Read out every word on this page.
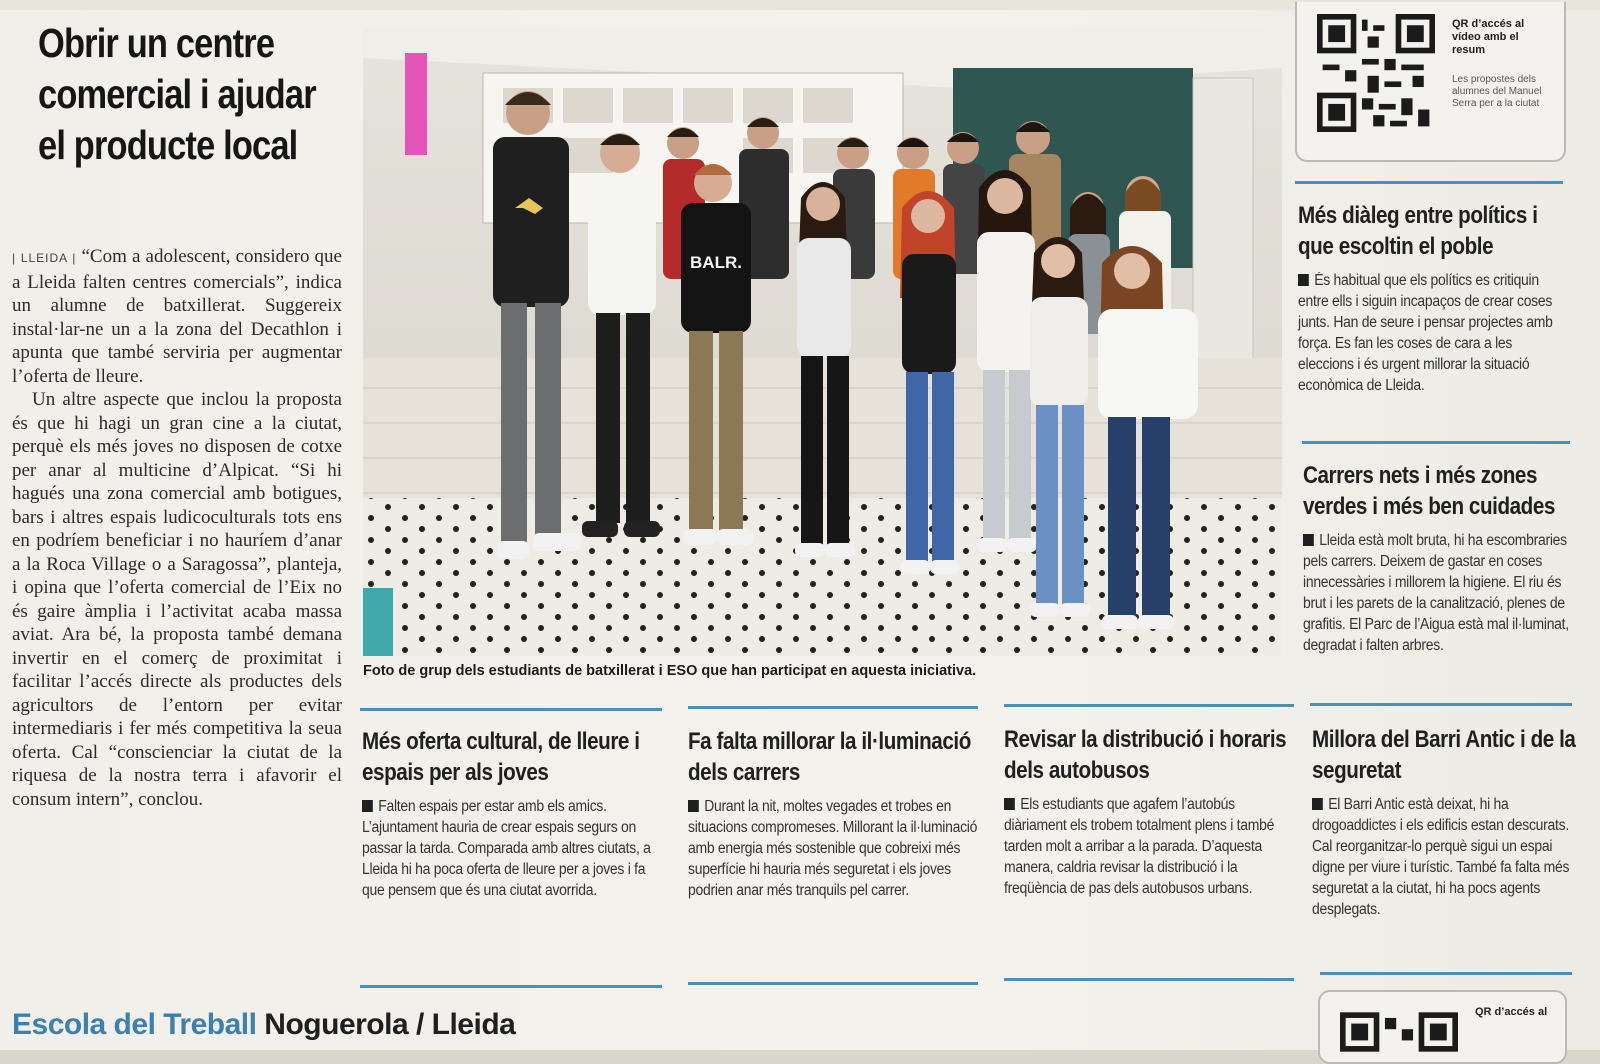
Obrir un centre comercial i ajudar el producte local

| LLEIDA | “Com a adolescent, considero que a Lleida falten centres comercials”, indica un alumne de batxillerat. Suggereix instal·lar-ne un a la zona del Decathlon i apunta que també serviria per augmentar l’oferta de lleure.

Un altre aspecte que inclou la proposta és que hi hagi un gran cine a la ciutat, perquè els més joves no disposen de cotxe per anar al multicine d’Alpicat. “Si hi hagués una zona comercial amb botigues, bars i altres espais ludicoculturals tots ens en podríem beneficiar i no hauríem d’anar a la Roca Village o a Saragossa”, planteja, i opina que l’oferta comercial de l’Eix no és gaire àmplia i l’activitat acaba massa aviat. Ara bé, la proposta també demana invertir en el comerç de proximitat i facilitar l’accés directe als productes dels agricultors de l’entorn per evitar intermediaris i fer més competitiva la seua oferta. Cal “conscienciar la ciutat de la riquesa de la nostra terra i afavorir el consum intern”, conclou.

BALR.
Foto de grup dels estudiants de batxillerat i ESO que han participat en aquesta iniciativa.
QR d’accés al vídeo amb el resum
Les propostes dels alumnes del Manuel Serra per a la ciutat
Més diàleg entre polítics i que escoltin el poble
És habitual que els polítics es critiquin entre ells i siguin incapaços de crear coses junts. Han de seure i pensar projectes amb força. Es fan les coses de cara a les eleccions i és urgent millorar la situació econòmica de Lleida.
Carrers nets i més zones verdes i més ben cuidades
Lleida està molt bruta, hi ha escombraries pels carrers. Deixem de gastar en coses innecessàries i millorem la higiene. El riu és brut i les parets de la canalització, plenes de grafitis. El Parc de l’Aigua està mal il·luminat, degradat i falten arbres.
Més oferta cultural, de lleure i espais per als joves
Falten espais per estar amb els amics. L’ajuntament hauria de crear espais segurs on passar la tarda. Comparada amb altres ciutats, a Lleida hi ha poca oferta de lleure per a joves i fa que pensem que és una ciutat avorrida.
Fa falta millorar la il·luminació dels carrers
Durant la nit, moltes vegades et trobes en situacions compromeses. Millorant la il·luminació amb energia més sostenible que cobreixi més superfície hi hauria més seguretat i els joves podrien anar més tranquils pel carrer.
Revisar la distribució i horaris dels autobusos
Els estudiants que agafem l’autobús diàriament els trobem totalment plens i també tarden molt a arribar a la parada. D’aquesta manera, caldria revisar la distribució i la freqüència de pas dels autobusos urbans.
Millora del Barri Antic i de la seguretat
El Barri Antic està deixat, hi ha drogoaddictes i els edificis estan descurats. Cal reorganitzar-lo perquè sigui un espai digne per viure i turístic. També fa falta més seguretat a la ciutat, hi ha pocs agents desplegats.
Escola del Treball Noguerola / Lleida	QR d’accés al
